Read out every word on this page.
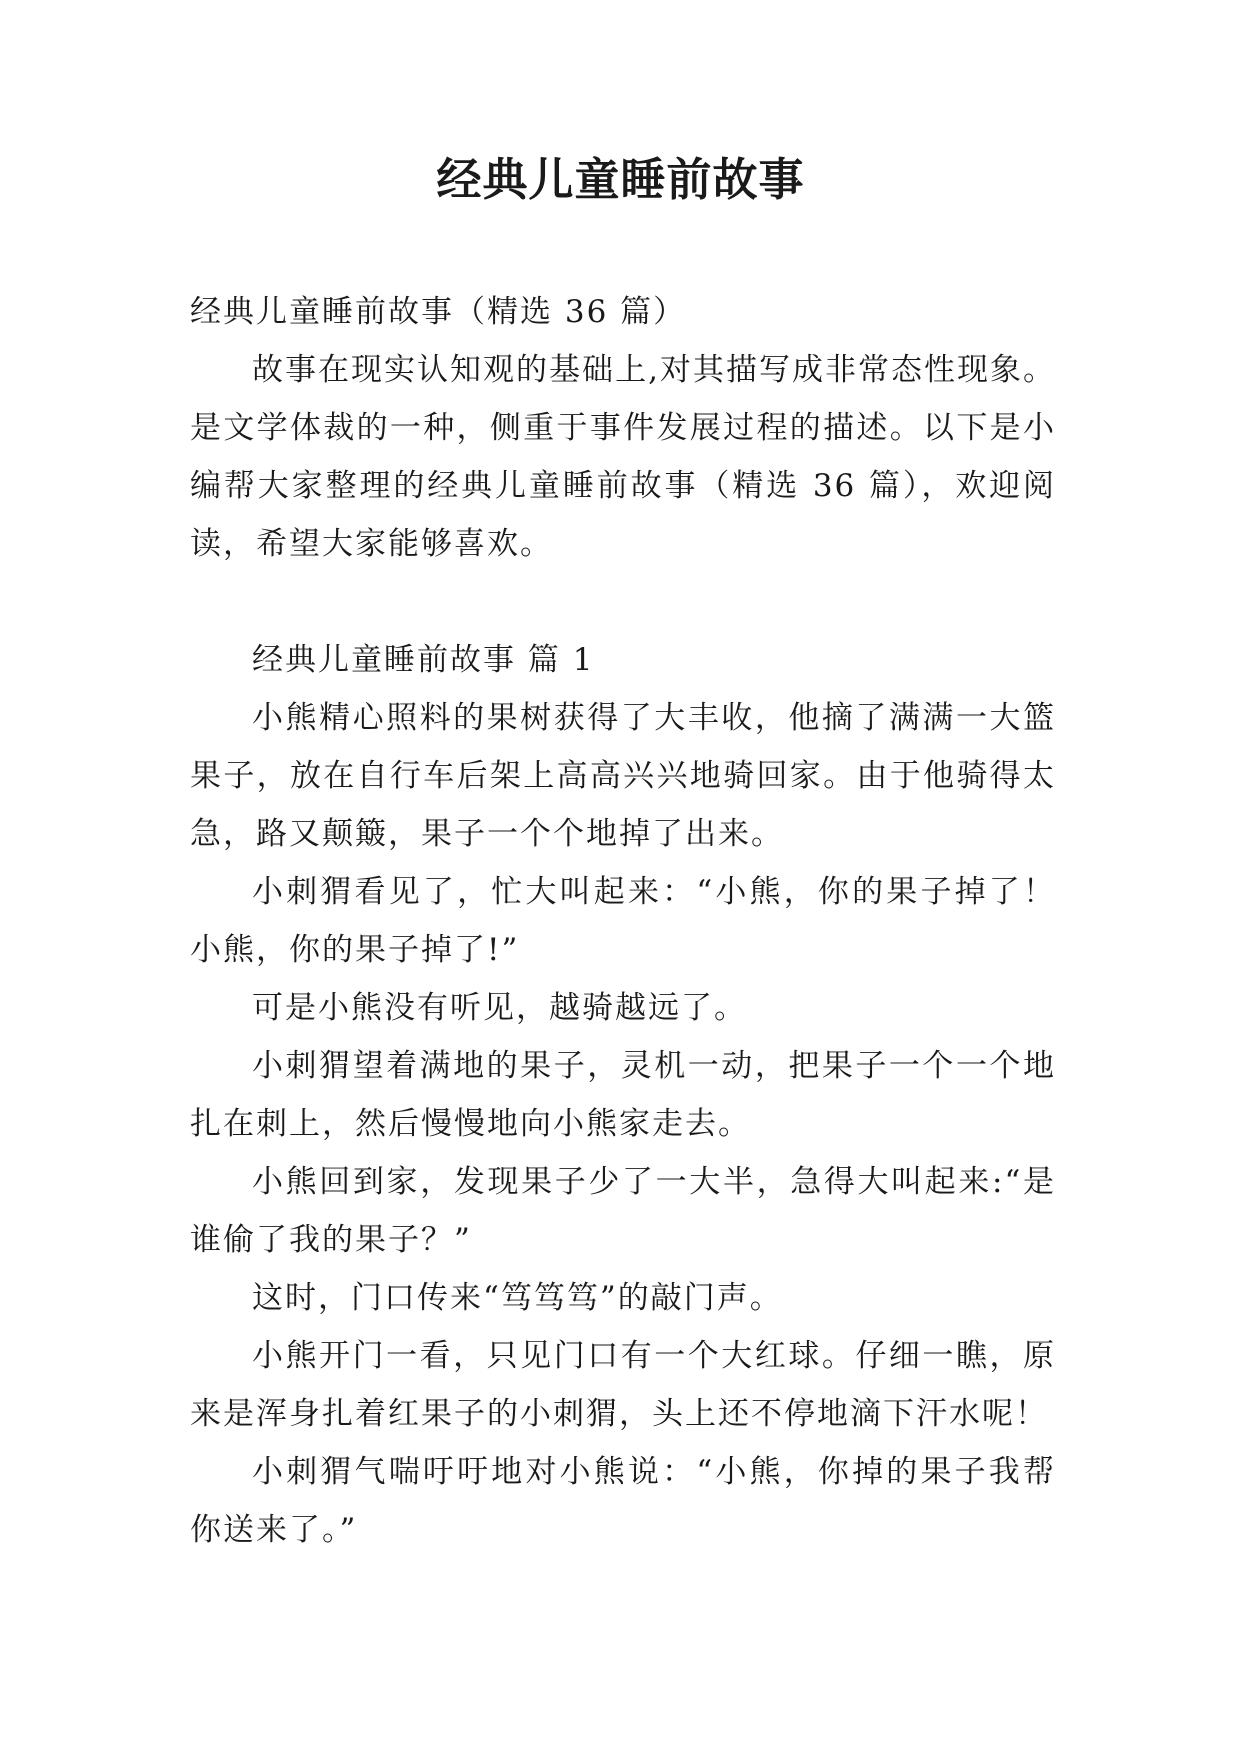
经典儿童睡前故事

经典儿童睡前故事（精选 36 篇）

故事在现实认知观的基础上,对其描写成非常态性现象。是文学体裁的一种，侧重于事件发展过程的描述。以下是小编帮大家整理的经典儿童睡前故事（精选 36 篇），欢迎阅读，希望大家能够喜欢。

经典儿童睡前故事 篇 1

小熊精心照料的果树获得了大丰收，他摘了满满一大篮果子，放在自行车后架上高高兴兴地骑回家。由于他骑得太急，路又颠簸，果子一个个地掉了出来。

小刺猬看见了，忙大叫起来：“小熊，你的果子掉了！小熊，你的果子掉了!”

可是小熊没有听见，越骑越远了。

小刺猬望着满地的果子，灵机一动，把果子一个一个地扎在刺上，然后慢慢地向小熊家走去。

小熊回到家，发现果子少了一大半，急得大叫起来:“是谁偷了我的果子？”

这时，门口传来“笃笃笃”的敲门声。

小熊开门一看，只见门口有一个大红球。仔细一瞧，原来是浑身扎着红果子的小刺猬，头上还不停地滴下汗水呢！

小刺猬气喘吁吁地对小熊说：“小熊，你掉的果子我帮你送来了。”
